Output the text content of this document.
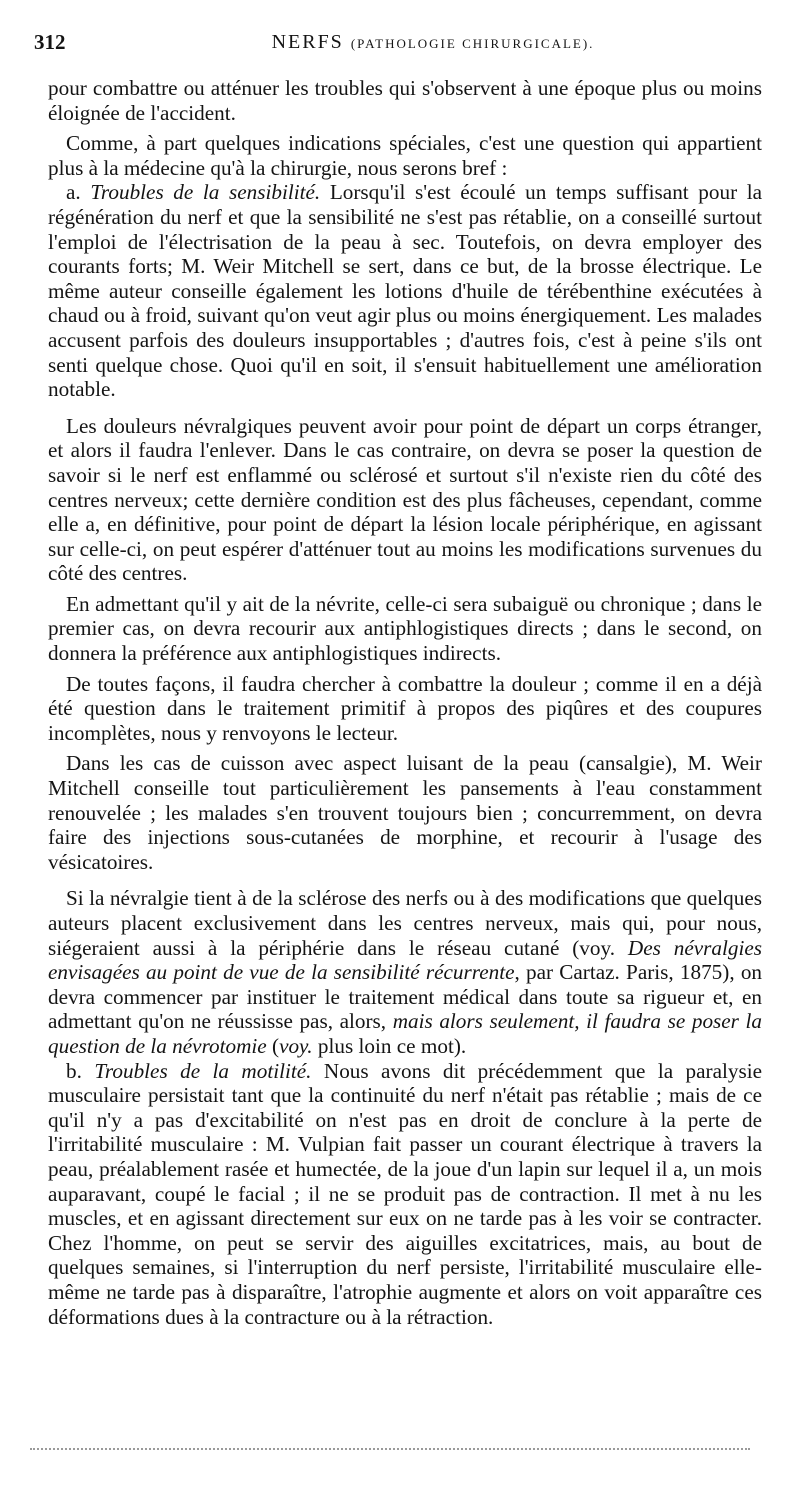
312	NERFS (PATHOLOGIE CHIRURGICALE).

pour combattre ou atténuer les troubles qui s'observent à une époque plus ou moins éloignée de l'accident.

Comme, à part quelques indications spéciales, c'est une question qui appartient plus à la médecine qu'à la chirurgie, nous serons bref :

a. Troubles de la sensibilité. Lorsqu'il s'est écoulé un temps suffisant pour la régénération du nerf et que la sensibilité ne s'est pas rétablie, on a conseillé surtout l'emploi de l'électrisation de la peau à sec. Toutefois, on devra employer des courants forts; M. Weir Mitchell se sert, dans ce but, de la brosse électrique. Le même auteur conseille également les lotions d'huile de térébenthine exécutées à chaud ou à froid, suivant qu'on veut agir plus ou moins énergiquement. Les malades accusent parfois des douleurs insupportables ; d'autres fois, c'est à peine s'ils ont senti quelque chose. Quoi qu'il en soit, il s'ensuit habituellement une amélioration notable.

Les douleurs névralgiques peuvent avoir pour point de départ un corps étranger, et alors il faudra l'enlever. Dans le cas contraire, on devra se poser la question de savoir si le nerf est enflammé ou sclérosé et surtout s'il n'existe rien du côté des centres nerveux; cette dernière condition est des plus fâcheuses, cependant, comme elle a, en définitive, pour point de départ la lésion locale périphérique, en agissant sur celle-ci, on peut espérer d'atténuer tout au moins les modifications survenues du côté des centres.

En admettant qu'il y ait de la névrite, celle-ci sera subaiguë ou chronique ; dans le premier cas, on devra recourir aux antiphlogistiques directs ; dans le second, on donnera la préférence aux antiphlogistiques indirects.

De toutes façons, il faudra chercher à combattre la douleur ; comme il en a déjà été question dans le traitement primitif à propos des piqûres et des coupures incomplètes, nous y renvoyons le lecteur.

Dans les cas de cuisson avec aspect luisant de la peau (cansalgie), M. Weir Mitchell conseille tout particulièrement les pansements à l'eau constamment renouvelée ; les malades s'en trouvent toujours bien ; concurremment, on devra faire des injections sous-cutanées de morphine, et recourir à l'usage des vésicatoires.

Si la névralgie tient à de la sclérose des nerfs ou à des modifications que quelques auteurs placent exclusivement dans les centres nerveux, mais qui, pour nous, siégeraient aussi à la périphérie dans le réseau cutané (voy. Des névralgies envisagées au point de vue de la sensibilité récurrente, par Cartaz. Paris, 1875), on devra commencer par instituer le traitement médical dans toute sa rigueur et, en admettant qu'on ne réussisse pas, alors, mais alors seulement, il faudra se poser la question de la névrotomie (voy. plus loin ce mot).

b. Troubles de la motilité. Nous avons dit précédemment que la paralysie musculaire persistait tant que la continuité du nerf n'était pas rétablie ; mais de ce qu'il n'y a pas d'excitabilité on n'est pas en droit de conclure à la perte de l'irritabilité musculaire : M. Vulpian fait passer un courant électrique à travers la peau, préalablement rasée et humectée, de la joue d'un lapin sur lequel il a, un mois auparavant, coupé le facial ; il ne se produit pas de contraction. Il met à nu les muscles, et en agissant directement sur eux on ne tarde pas à les voir se contracter. Chez l'homme, on peut se servir des aiguilles excitatrices, mais, au bout de quelques semaines, si l'interruption du nerf persiste, l'irritabilité musculaire elle-même ne tarde pas à disparaître, l'atrophie augmente et alors on voit apparaître ces déformations dues à la contracture ou à la rétraction.
